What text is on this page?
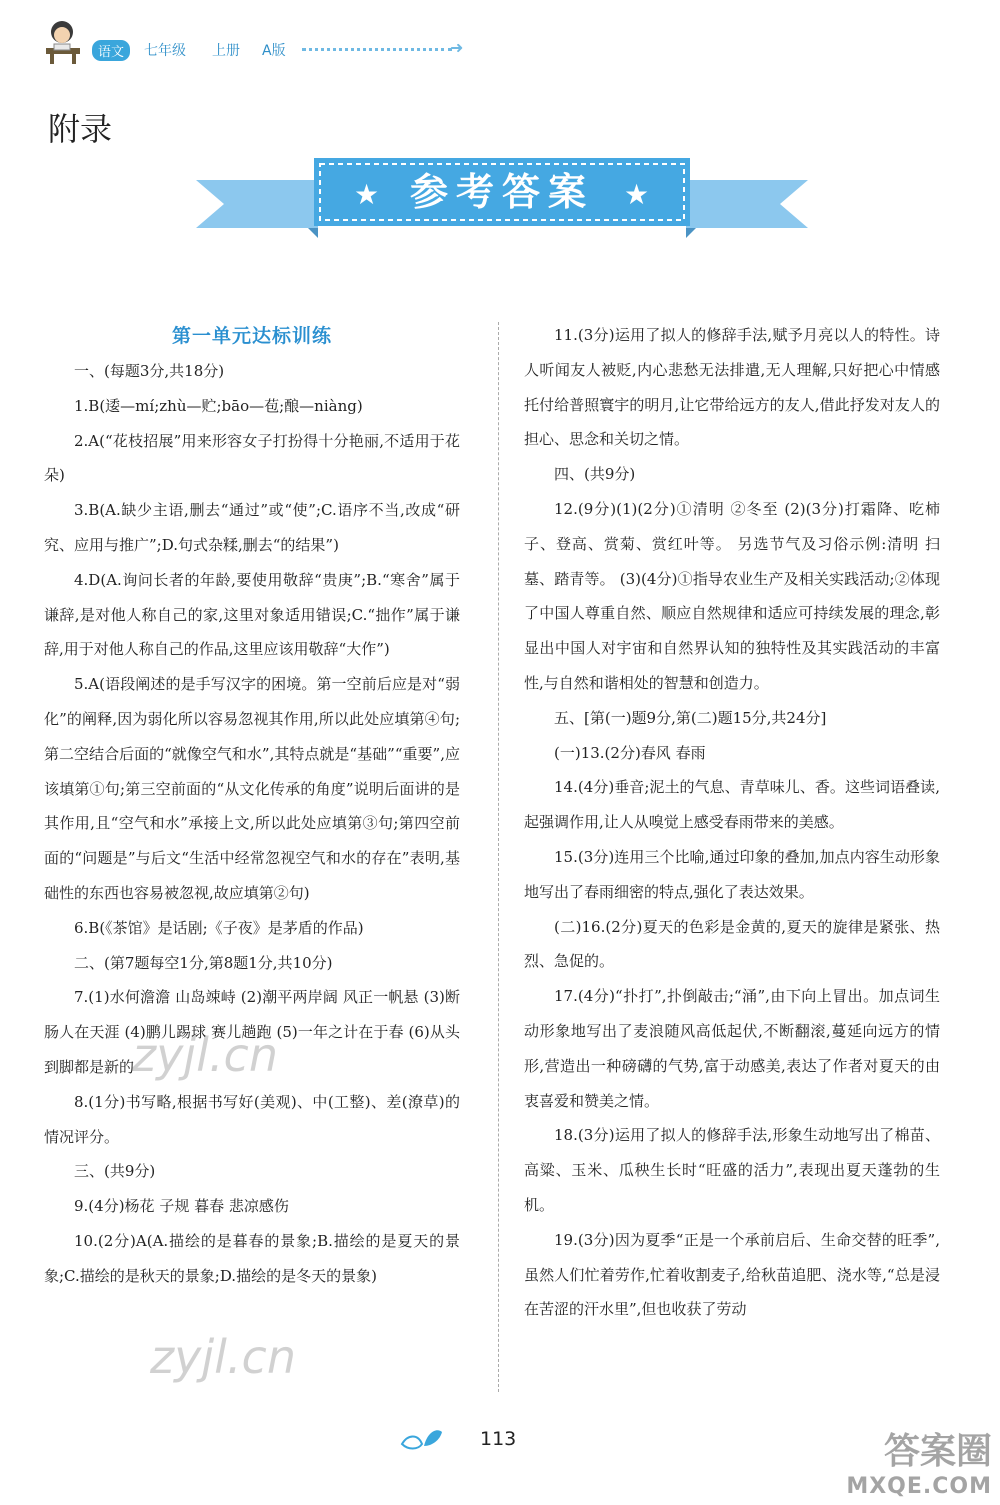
语文	七年级 上册 A版	➜
附录
★	★
参考答案
第一单元达标训练

一、(每题3分,共18分)

1.B(逶—mí;zhù—贮;bāo—苞;酿—niàng)

2.A(“花枝招展”用来形容女子打扮得十分艳丽,不适用于花朵)

3.B(A.缺少主语,删去“通过”或“使”;C.语序不当,改成“研究、应用与推广”;D.句式杂糅,删去“的结果”)

4.D(A.询问长者的年龄,要使用敬辞“贵庚”;B.“寒舍”属于谦辞,是对他人称自己的家,这里对象适用错误;C.“拙作”属于谦辞,用于对他人称自己的作品,这里应该用敬辞“大作”)

5.A(语段阐述的是手写汉字的困境。第一空前后应是对“弱化”的阐释,因为弱化所以容易忽视其作用,所以此处应填第④句;第二空结合后面的“就像空气和水”,其特点就是“基础”“重要”,应该填第①句;第三空前面的“从文化传承的角度”说明后面讲的是其作用,且“空气和水”承接上文,所以此处应填第③句;第四空前面的“问题是”与后文“生活中经常忽视空气和水的存在”表明,基础性的东西也容易被忽视,故应填第②句)

6.B(《茶馆》是话剧;《子夜》是茅盾的作品)

二、(第7题每空1分,第8题1分,共10分)

7.(1)水何澹澹 山岛竦峙 (2)潮平两岸阔 风正一帆悬 (3)断肠人在天涯 (4)鹏儿踢球 赛儿趟跑 (5)一年之计在于春 (6)从头到脚都是新的

8.(1分)书写略,根据书写好(美观)、中(工整)、差(潦草)的情况评分。

三、(共9分)

9.(4分)杨花 子规 暮春 悲凉感伤

10.(2分)A(A.描绘的是暮春的景象;B.描绘的是夏天的景象;C.描绘的是秋天的景象;D.描绘的是冬天的景象)

11.(3分)运用了拟人的修辞手法,赋予月亮以人的特性。诗人听闻友人被贬,内心悲愁无法排遣,无人理解,只好把心中情感托付给普照寰宇的明月,让它带给远方的友人,借此抒发对友人的担心、思念和关切之情。

四、(共9分)

12.(9分)(1)(2分)①清明 ②冬至 (2)(3分)打霜降、吃柿子、登高、赏菊、赏红叶等。 另选节气及习俗示例:清明 扫墓、踏青等。 (3)(4分)①指导农业生产及相关实践活动;②体现了中国人尊重自然、顺应自然规律和适应可持续发展的理念,彰显出中国人对宇宙和自然界认知的独特性及其实践活动的丰富性,与自然和谐相处的智慧和创造力。

五、[第(一)题9分,第(二)题15分,共24分]

(一)13.(2分)春风 春雨

14.(4分)垂音;泥土的气息、青草味儿、香。这些词语叠读,起强调作用,让人从嗅觉上感受春雨带来的美感。

15.(3分)连用三个比喻,通过印象的叠加,加点内容生动形象地写出了春雨细密的特点,强化了表达效果。

(二)16.(2分)夏天的色彩是金黄的,夏天的旋律是紧张、热烈、急促的。

17.(4分)“扑打”,扑倒敲击;“涌”,由下向上冒出。加点词生动形象地写出了麦浪随风高低起伏,不断翻滚,蔓延向远方的情形,营造出一种磅礴的气势,富于动感美,表达了作者对夏天的由衷喜爱和赞美之情。

18.(3分)运用了拟人的修辞手法,形象生动地写出了棉苗、高粱、玉米、瓜秧生长时“旺盛的活力”,表现出夏天蓬勃的生机。

19.(3分)因为夏季“正是一个承前启后、生命交替的旺季”,虽然人们忙着劳作,忙着收割麦子,给秋苗追肥、浇水等,“总是浸在苦涩的汗水里”,但也收获了劳动

113
zyjl.cn
zyjl.cn
答案圈
MXQE.COM
